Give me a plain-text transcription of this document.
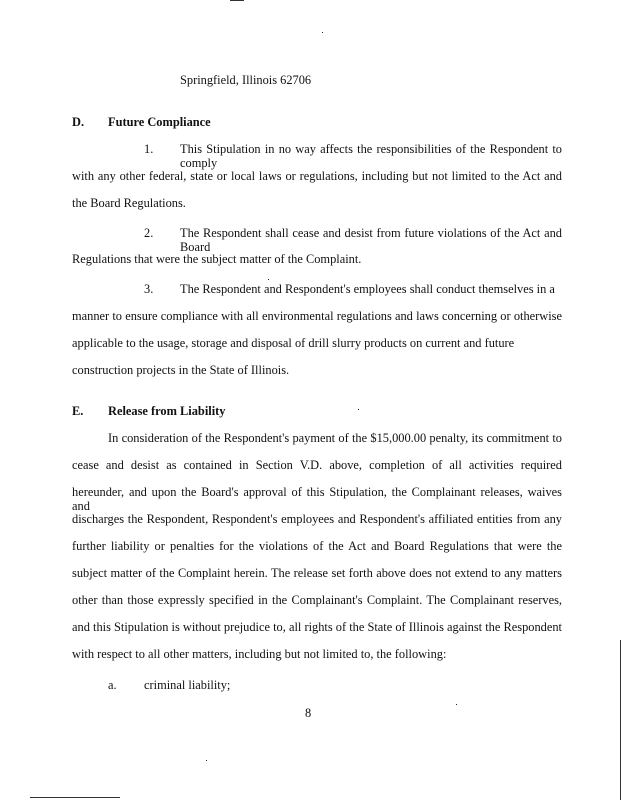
Springfield, Illinois 62706
D. Future Compliance
1. This Stipulation in no way affects the responsibilities of the Respondent to comply
with any other federal, state or local laws or regulations, including but not limited to the Act and
the Board Regulations.
2. The Respondent shall cease and desist from future violations of the Act and Board
Regulations that were the subject matter of the Complaint.
3. The Respondent and Respondent's employees shall conduct themselves in a
manner to ensure compliance with all environmental regulations and laws concerning or otherwise
applicable to the usage, storage and disposal of drill slurry products on current and future
construction projects in the State of Illinois.
E. Release from Liability
In consideration of the Respondent's payment of the $15,000.00 penalty, its commitment to
cease and desist as contained in Section V.D. above, completion of all activities required
hereunder, and upon the Board's approval of this Stipulation, the Complainant releases, waives and
discharges the Respondent, Respondent's employees and Respondent's affiliated entities from any
further liability or penalties for the violations of the Act and Board Regulations that were the
subject matter of the Complaint herein. The release set forth above does not extend to any matters
other than those expressly specified in the Complainant's Complaint. The Complainant reserves,
and this Stipulation is without prejudice to, all rights of the State of Illinois against the Respondent
with respect to all other matters, including but not limited to, the following:
a. criminal liability;
8
